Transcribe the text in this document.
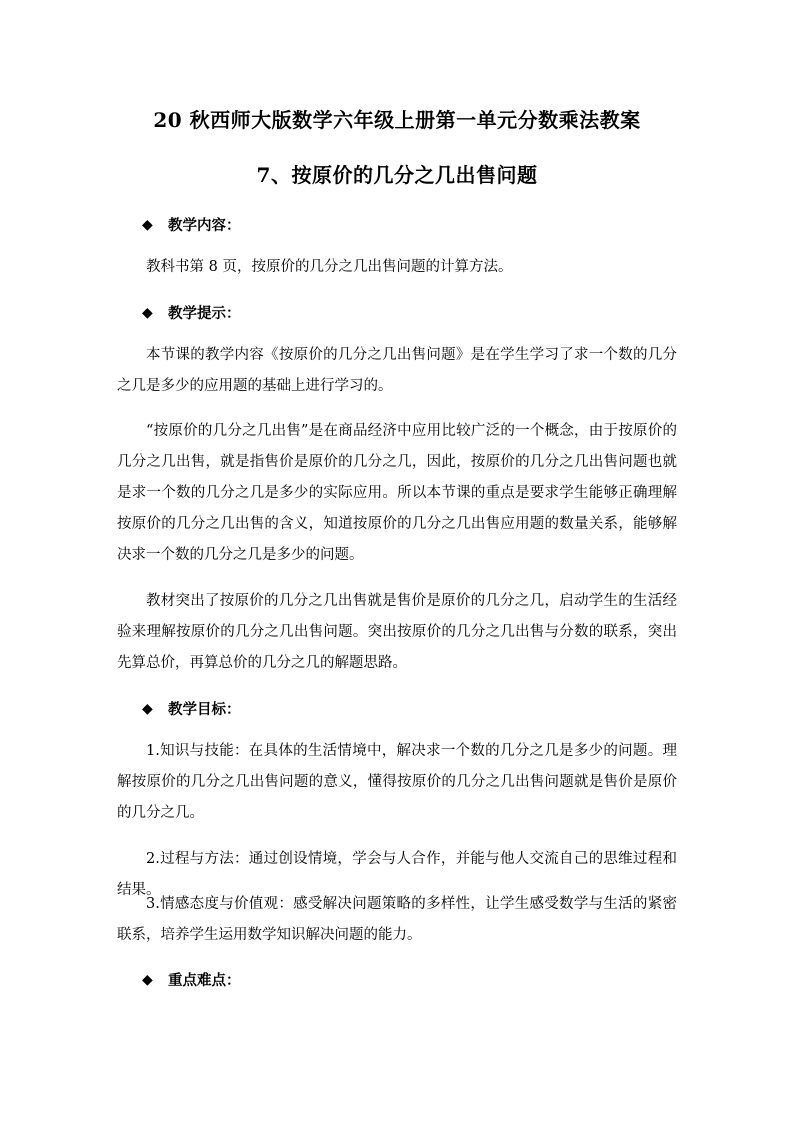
20 秋西师大版数学六年级上册第一单元分数乘法教案
7、按原价的几分之几出售问题
◆	教学内容：
教科书第 8 页，按原价的几分之几出售问题的计算方法。
◆	教学提示：
本节课的教学内容《按原价的几分之几出售问题》是在学生学习了求一个数的几分之几是多少的应用题的基础上进行学习的。
“按原价的几分之几出售”是在商品经济中应用比较广泛的一个概念，由于按原价的几分之几出售，就是指售价是原价的几分之几，因此，按原价的几分之几出售问题也就是求一个数的几分之几是多少的实际应用。所以本节课的重点是要求学生能够正确理解按原价的几分之几出售的含义，知道按原价的几分之几出售应用题的数量关系，能够解决求一个数的几分之几是多少的问题。
教材突出了按原价的几分之几出售就是售价是原价的几分之几，启动学生的生活经验来理解按原价的几分之几出售问题。突出按原价的几分之几出售与分数的联系，突出先算总价，再算总价的几分之几的解题思路。
◆	教学目标：
1.知识与技能：在具体的生活情境中，解决求一个数的几分之几是多少的问题。理解按原价的几分之几出售问题的意义，懂得按原价的几分之几出售问题就是售价是原价的几分之几。
2.过程与方法：通过创设情境，学会与人合作，并能与他人交流自己的思维过程和结果。
3.情感态度与价值观：感受解决问题策略的多样性，让学生感受数学与生活的紧密联系，培养学生运用数学知识解决问题的能力。
◆	重点难点：
